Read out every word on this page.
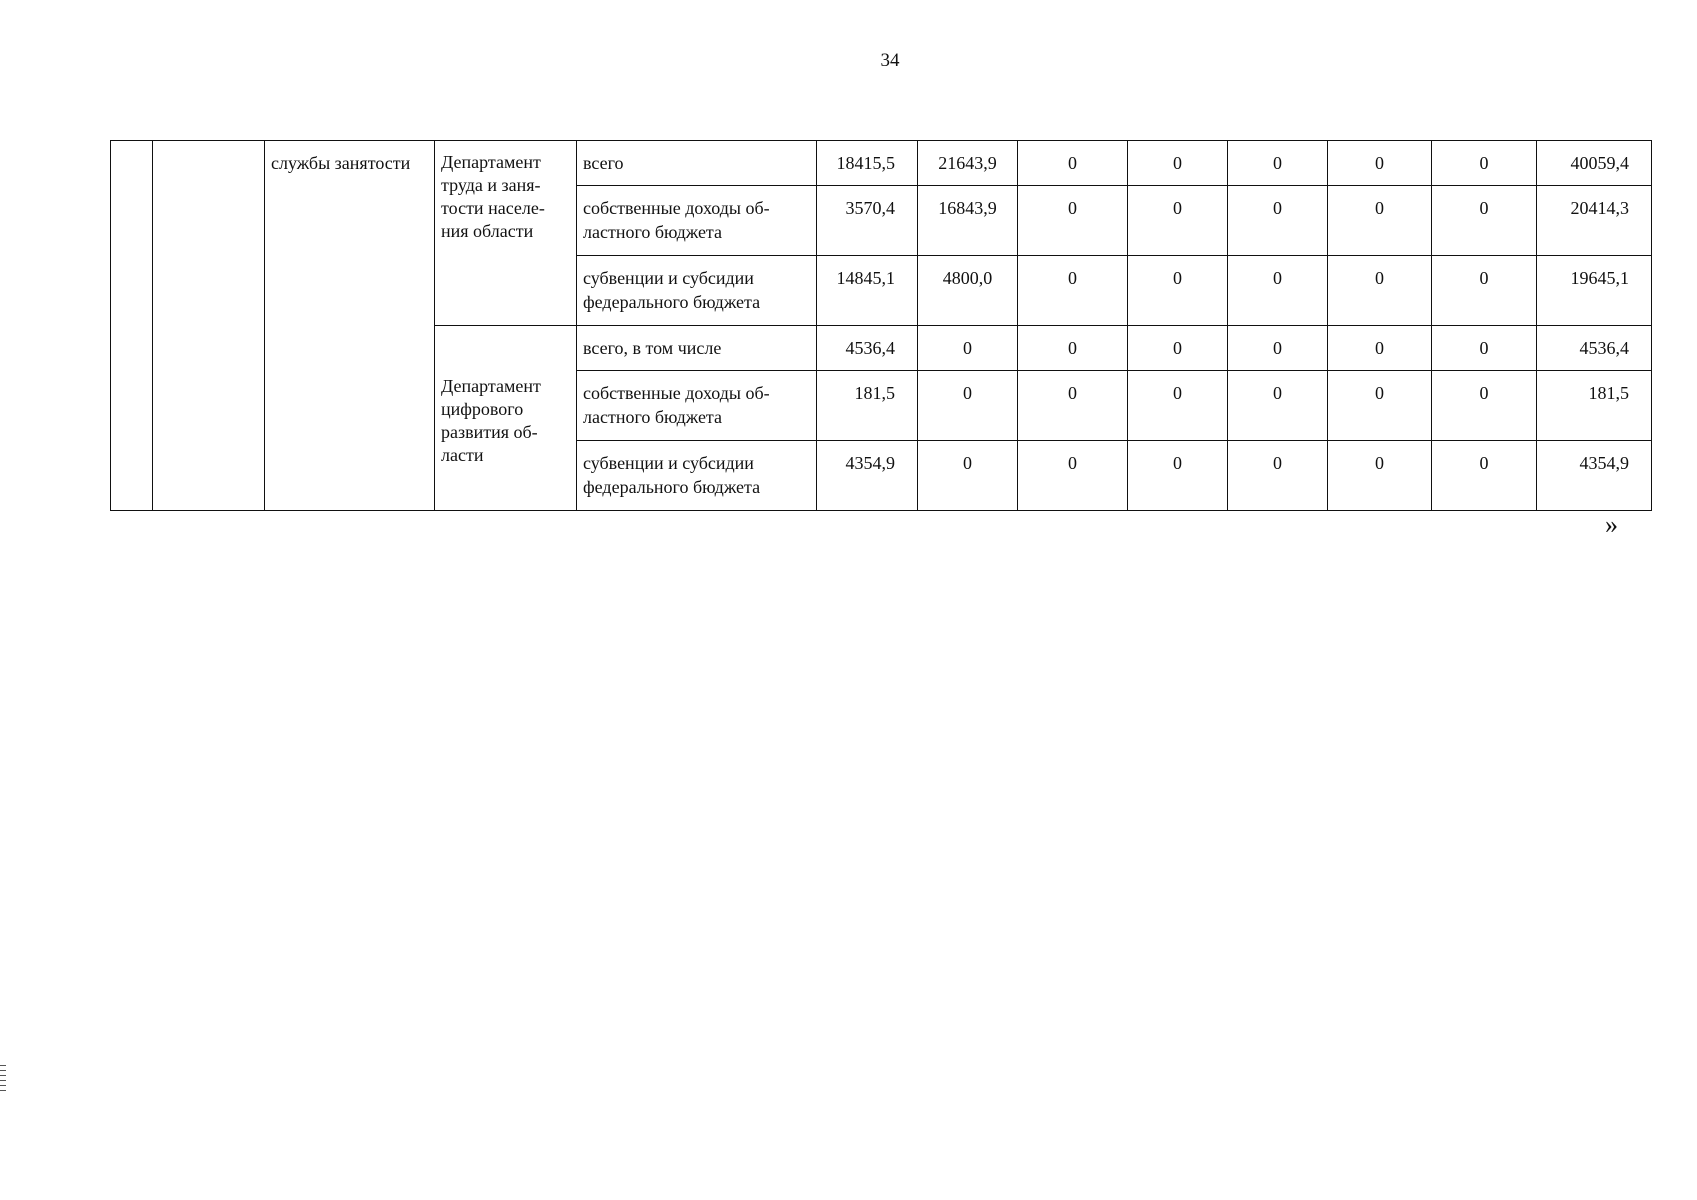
34
		службы занятости	Департамент труда и заня-тости населе-ния области	всего	18415,5	21643,9	0	0	0	0	0	40059,4
				собственные доходы об-ластного бюджета	3570,4	16843,9	0	0	0	0	0	20414,3
				субвенции и субсидии федерального бюджета	14845,1	4800,0	0	0	0	0	0	19645,1
			Департамент цифрового развития об-ласти	всего, в том числе	4536,4	0	0	0	0	0	0	4536,4
				собственные доходы об-ластного бюджета	181,5	0	0	0	0	0	0	181,5
				субвенции и субсидии федерального бюджета	4354,9	0	0	0	0	0	0	4354,9
»
